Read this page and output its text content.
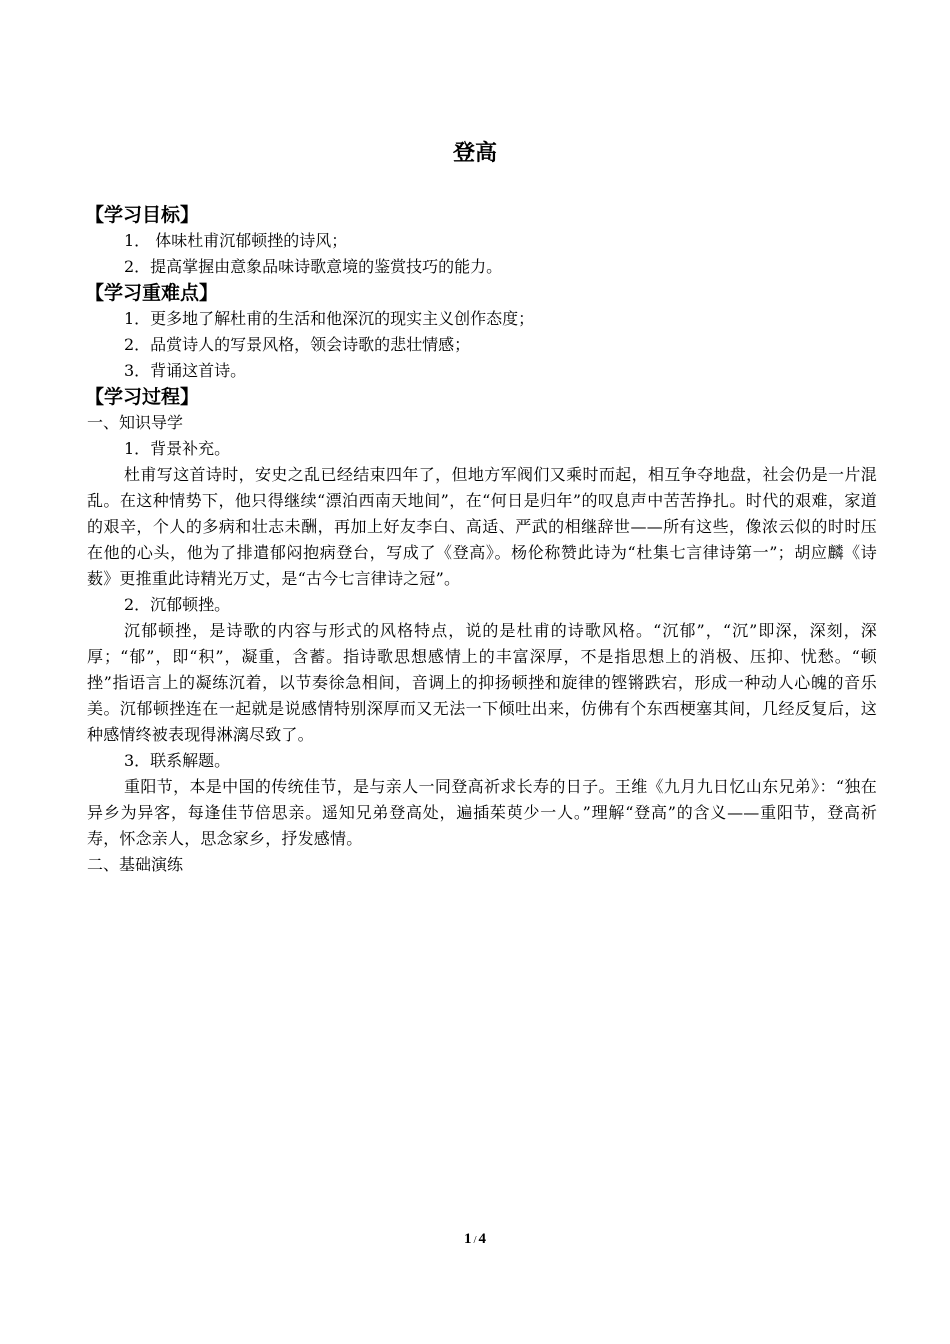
登高
【学习目标】
1． 体味杜甫沉郁顿挫的诗风；
2．提高掌握由意象品味诗歌意境的鉴赏技巧的能力。
【学习重难点】
1．更多地了解杜甫的生活和他深沉的现实主义创作态度；
2．品赏诗人的写景风格，领会诗歌的悲壮情感；
3．背诵这首诗。
【学习过程】
一、知识导学
1．背景补充。
杜甫写这首诗时，安史之乱已经结束四年了，但地方军阀们又乘时而起，相互争夺地盘，社会仍是一片混乱。在这种情势下，他只得继续“漂泊西南天地间”，在“何日是归年”的叹息声中苦苦挣扎。时代的艰难，家道的艰辛，个人的多病和壮志未酬，再加上好友李白、高适、严武的相继辞世——所有这些，像浓云似的时时压在他的心头，他为了排遣郁闷抱病登台，写成了《登高》。杨伦称赞此诗为“杜集七言律诗第一”；胡应麟《诗薮》更推重此诗精光万丈，是“古今七言律诗之冠”。
2．沉郁顿挫。
沉郁顿挫，是诗歌的内容与形式的风格特点，说的是杜甫的诗歌风格。“沉郁”，“沉”即深，深刻，深厚；“郁”，即“积”，凝重，含蓄。指诗歌思想感情上的丰富深厚，不是指思想上的消极、压抑、忧愁。“顿挫”指语言上的凝练沉着，以节奏徐急相间，音调上的抑扬顿挫和旋律的铿锵跌宕，形成一种动人心魄的音乐美。沉郁顿挫连在一起就是说感情特别深厚而又无法一下倾吐出来，仿佛有个东西梗塞其间，几经反复后，这种感情终被表现得淋漓尽致了。
3．联系解题。
重阳节，本是中国的传统佳节，是与亲人一同登高祈求长寿的日子。王维《九月九日忆山东兄弟》：“独在异乡为异客，每逢佳节倍思亲。遥知兄弟登高处，遍插茱萸少一人。”理解“登高”的含义——重阳节，登高祈寿，怀念亲人，思念家乡，抒发感情。
二、基础演练
1 / 4
